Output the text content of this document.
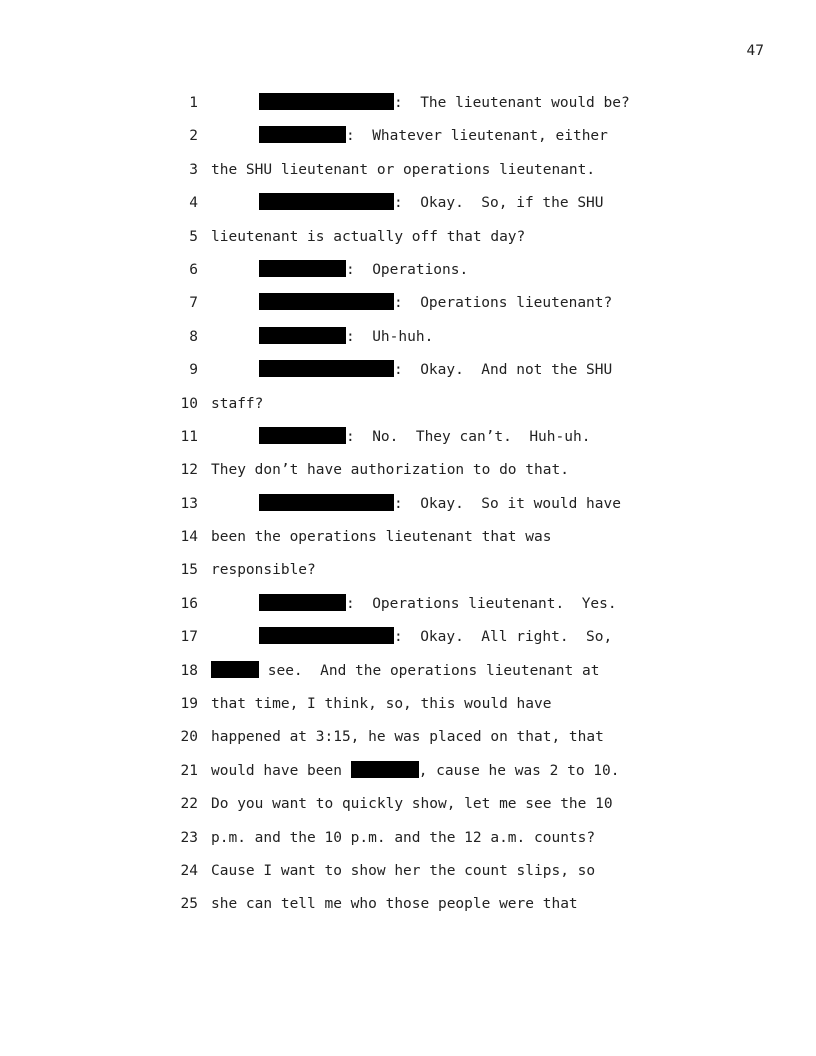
47
1	:  The lieutenant would be?
2	:  Whatever lieutenant, either
3 the SHU lieutenant or operations lieutenant.
4	:  Okay.  So, if the SHU
5 lieutenant is actually off that day?
6	:  Operations.
7	:  Operations lieutenant?
8	:  Uh-huh.
9	:  Okay.  And not the SHU
10 staff?
11	:  No.  They can’t.  Huh-uh.
12 They don’t have authorization to do that.
13	:  Okay.  So it would have
14 been the operations lieutenant that was
15 responsible?
16	:  Operations lieutenant.  Yes.
17	:  Okay.  All right.  So,
18	see.  And the operations lieutenant at
19 that time, I think, so, this would have
20 happened at 3:15, he was placed on that, that
21 would have been	, cause he was 2 to 10.
22 Do you want to quickly show, let me see the 10
23 p.m. and the 10 p.m. and the 12 a.m. counts?
24 Cause I want to show her the count slips, so
25 she can tell me who those people were that
